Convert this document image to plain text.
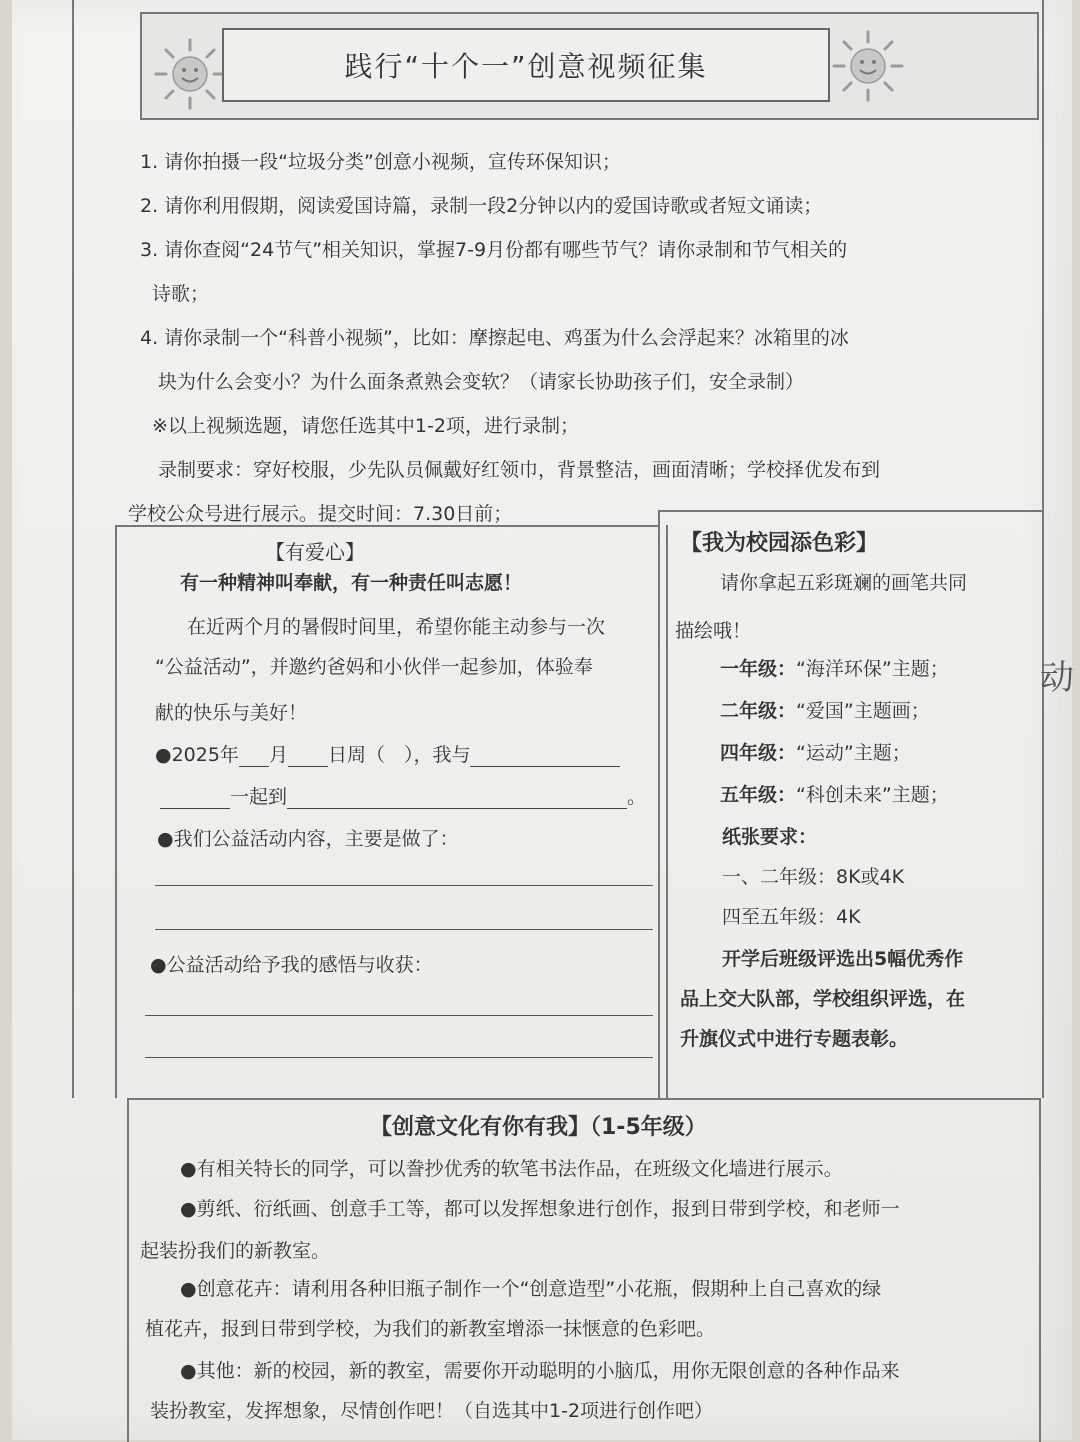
践行“十个一”创意视频征集

1. 请你拍摄一段“垃圾分类”创意小视频，宣传环保知识；

2. 请你利用假期，阅读爱国诗篇，录制一段2分钟以内的爱国诗歌或者短文诵读；

3. 请你查阅“24节气”相关知识，掌握7-9月份都有哪些节气？请你录制和节气相关的

诗歌；

4. 请你录制一个“科普小视频”，比如：摩擦起电、鸡蛋为什么会浮起来？冰箱里的冰

块为什么会变小？为什么面条煮熟会变软？（请家长协助孩子们，安全录制）

※以上视频选题，请您任选其中1-2项，进行录制；

录制要求：穿好校服，少先队员佩戴好红领巾，背景整洁，画面清晰；学校择优发布到

学校公众号进行展示。提交时间：7.30日前；

【有爱心】
有一种精神叫奉献，有一种责任叫志愿！
在近两个月的暑假时间里，希望你能主动参与一次
“公益活动”，并邀约爸妈和小伙伴一起参加，体验奉
献的快乐与美好！
●2025年 月 日周（　），我与
一起到	。
●我们公益活动内容，主要是做了：
●公益活动给予我的感悟与收获：
【我为校园添色彩】
请你拿起五彩斑斓的画笔共同
描绘哦！
一年级：“海洋环保”主题；
二年级：“爱国”主题画；
四年级：“运动”主题；
五年级：“科创未来”主题；
纸张要求：
一、二年级：8K或4K
四至五年级：4K
开学后班级评选出5幅优秀作
品上交大队部，学校组织评选，在
升旗仪式中进行专题表彰。
动
【创意文化有你有我】（1-5年级）
●有相关特长的同学，可以誊抄优秀的软笔书法作品，在班级文化墙进行展示。
●剪纸、衍纸画、创意手工等，都可以发挥想象进行创作，报到日带到学校，和老师一
起装扮我们的新教室。
●创意花卉：请利用各种旧瓶子制作一个“创意造型”小花瓶，假期种上自己喜欢的绿
植花卉，报到日带到学校，为我们的新教室增添一抹惬意的色彩吧。
●其他：新的校园，新的教室，需要你开动聪明的小脑瓜，用你无限创意的各种作品来
装扮教室，发挥想象，尽情创作吧！（自选其中1-2项进行创作吧）
